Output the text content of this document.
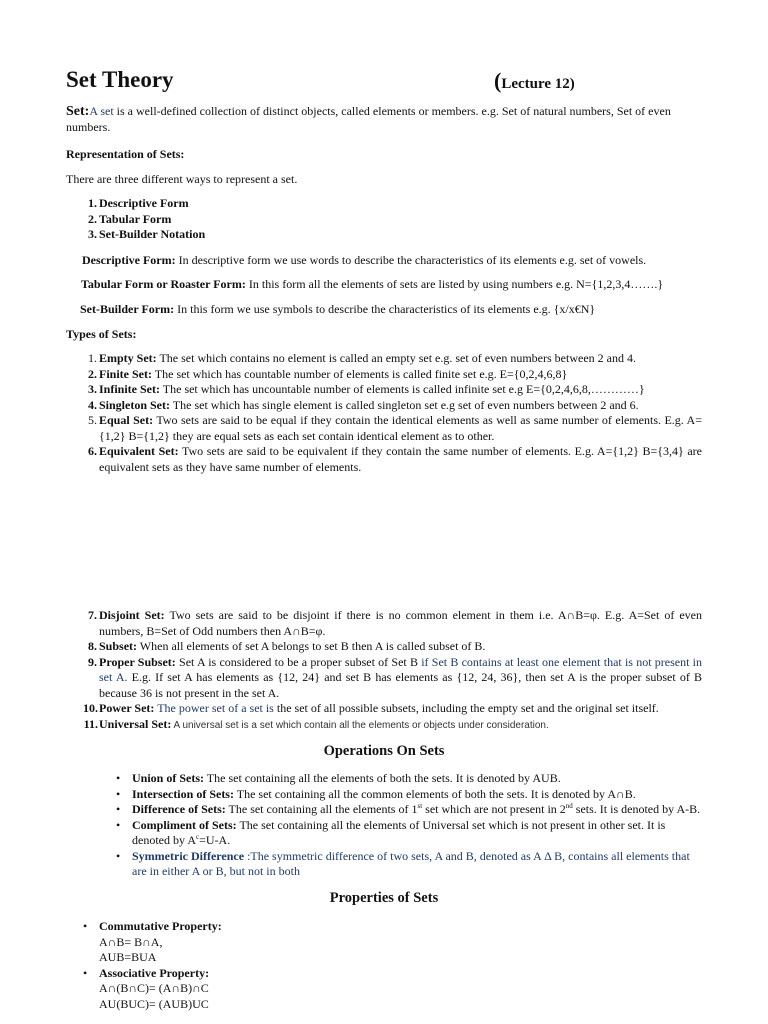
Set Theory	(Lecture 12)
Set:A set is a well-defined collection of distinct objects, called elements or members. e.g. Set of natural numbers, Set of even numbers.
Representation of Sets:
There are three different ways to represent a set.
1. Descriptive Form
2. Tabular Form
3. Set-Builder Notation
Descriptive Form: In descriptive form we use words to describe the characteristics of its elements e.g. set of vowels.
Tabular Form or Roaster Form: In this form all the elements of sets are listed by using numbers e.g. N={1,2,3,4…….}
Set-Builder Form: In this form we use symbols to describe the characteristics of its elements e.g. {x/x€N}
Types of Sets:
1. Empty Set: The set which contains no element is called an empty set e.g. set of even numbers between 2 and 4.
2. Finite Set: The set which has countable number of elements is called finite set e.g. E={0,2,4,6,8}
3. Infinite Set: The set which has uncountable number of elements is called infinite set e.g E={0,2,4,6,8,…………}
4. Singleton Set: The set which has single element is called singleton set e.g set of even numbers between 2 and 6.
5. Equal Set: Two sets are said to be equal if they contain the identical elements as well as same number of elements. E.g. A={1,2} B={1,2} they are equal sets as each set contain identical element as to other.
6. Equivalent Set: Two sets are said to be equivalent if they contain the same number of elements. E.g. A={1,2} B={3,4} are equivalent sets as they have same number of elements.
7. Disjoint Set: Two sets are said to be disjoint if there is no common element in them i.e. A∩B=φ. E.g. A=Set of even numbers, B=Set of Odd numbers then A∩B=φ.
8. Subset: When all elements of set A belongs to set B then A is called subset of B.
9. Proper Subset: Set A is considered to be a proper subset of Set B if Set B contains at least one element that is not present in set A. E.g. If set A has elements as {12, 24} and set B has elements as {12, 24, 36}, then set A is the proper subset of B because 36 is not present in the set A.
10. Power Set: The power set of a set is the set of all possible subsets, including the empty set and the original set itself.
11. Universal Set: A universal set is a set which contain all the elements or objects under consideration.
Operations On Sets
• Union of Sets: The set containing all the elements of both the sets. It is denoted by AUB.
• Intersection of Sets: The set containing all the common elements of both the sets. It is denoted by A∩B.
• Difference of Sets: The set containing all the elements of 1st set which are not present in 2nd sets. It is denoted by A-B.
• Compliment of Sets: The set containing all the elements of Universal set which is not present in other set. It is denoted by $A^c=U-A$.
• Symmetric Difference :The symmetric difference of two sets, A and B, denoted as A Δ B, contains all elements that are in either A or B, but not in both
Properties of Sets
• Commutative Property:
A∩B= B∩A,
AUB=BUA
• Associative Property:
A∩(B∩C)= (A∩B)∩C
AU(BUC)= (AUB)UC
